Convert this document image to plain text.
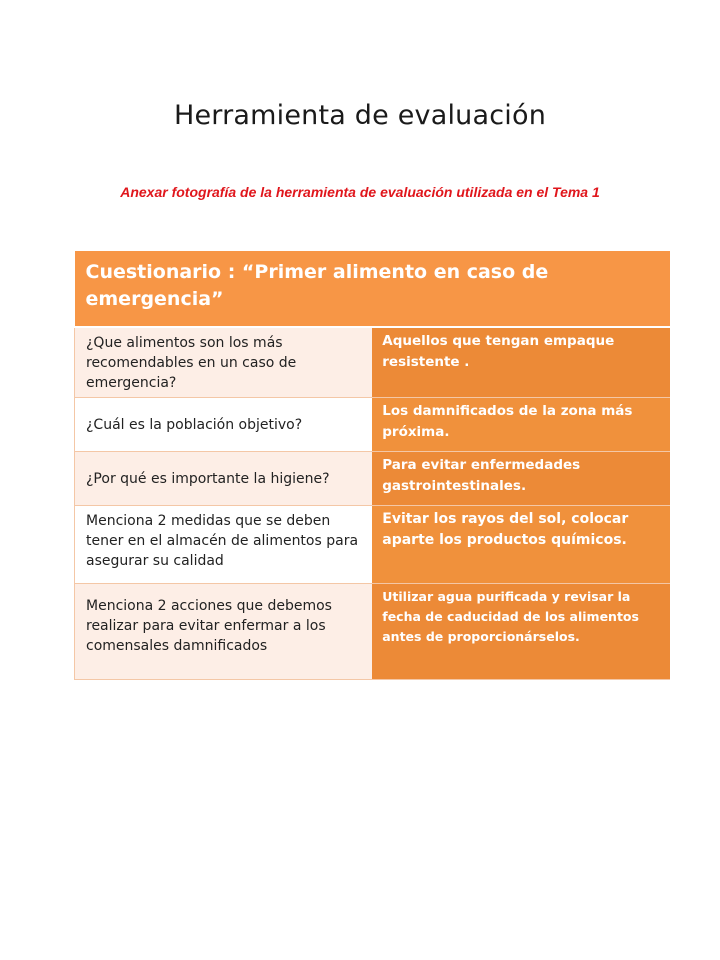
Herramienta de evaluación
Anexar fotografía de la herramienta de evaluación utilizada en el Tema 1
Cuestionario : “Primer alimento en caso de emergencia”	
¿Que alimentos son los más recomendables en un caso de emergencia?	Aquellos que tengan empaque resistente .
¿Cuál es la población objetivo?	Los damnificados de la zona más próxima.
¿Por qué es importante la higiene?	Para evitar enfermedades gastrointestinales.
Menciona 2 medidas que se deben tener en el almacén de alimentos para asegurar su calidad	Evitar los rayos del sol, colocar aparte los productos químicos.
Menciona 2 acciones que debemos realizar para evitar enfermar a los comensales damnificados	Utilizar agua purificada y revisar la fecha de caducidad de los alimentos antes de proporcionárselos.
